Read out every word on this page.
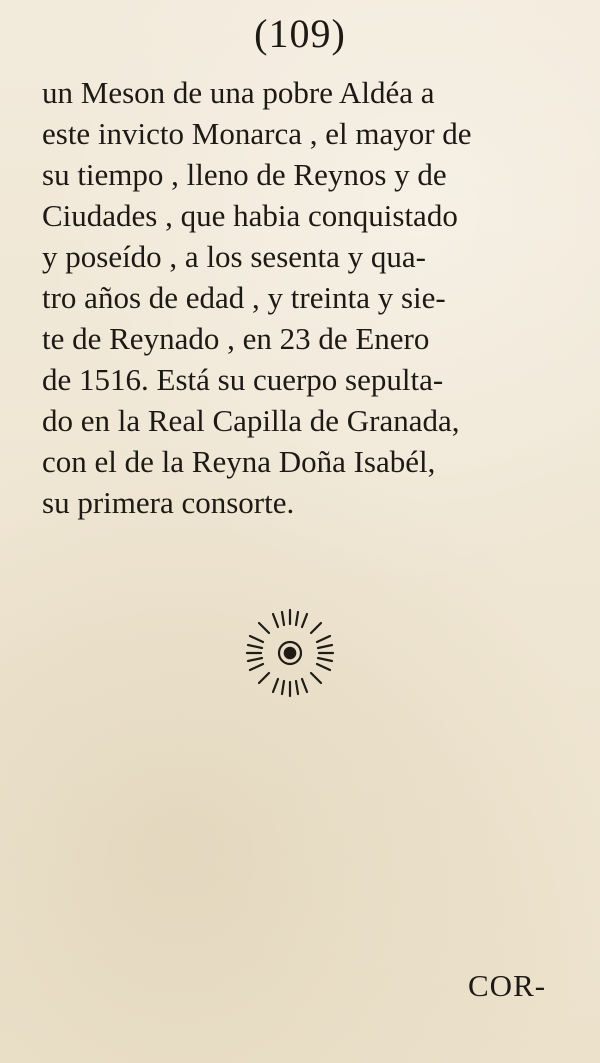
(109)
un Meson de una pobre Aldéa a
este invicto Monarca , el mayor de
su tiempo , lleno de Reynos y de
Ciudades , que habia conquistado
y poseído , a los sesenta y qua-
tro años de edad , y treinta y sie-
te de Reynado , en 23 de Enero
de 1516. Está su cuerpo sepulta-
do en la Real Capilla de Granada,
con el de la Reyna Doña Isabél,
su primera consorte.
COR-
